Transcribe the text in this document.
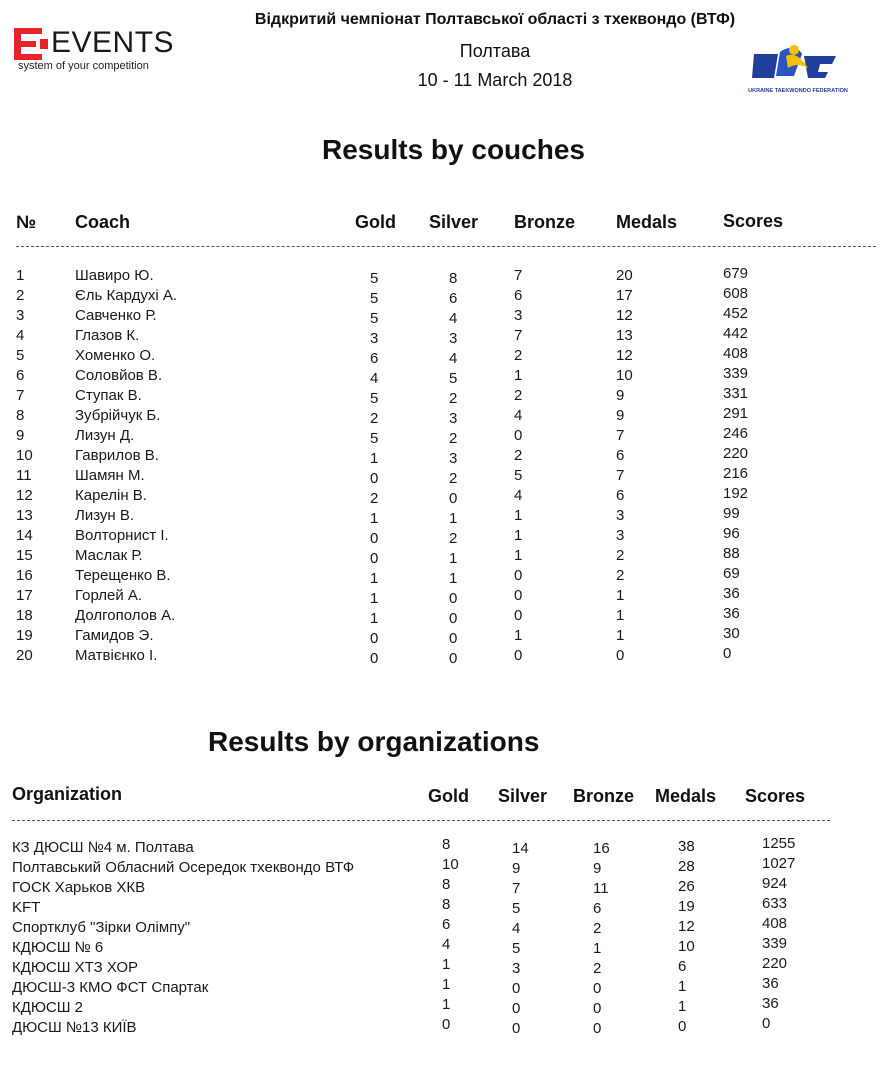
EVENTS
system of your competition
Відкритий чемпіонат Полтавської області з тхеквондо (ВТФ)
Полтава
10 - 11 March 2018
UKRAINE TAEKWONDO FEDERATION
Results by couches
№ Coach	Gold Silver Bronze Medals	Scores
1	Шавиро Ю.	5	8	7	20	679
2	Єль Кардухі А.	5	6	6	17	608
3	Савченко Р.	5	4	3	12	452
4	Глазов К.	3	3	7	13	442
5	Хоменко О.	6	4	2	12	408
6	Соловйов В.	4	5	1	10	339
7	Ступак В.	5	2	2	9	331
8	Зубрійчук Б.	2	3	4	9	291
9	Лизун Д.	5	2	0	7	246
10	Гаврилов В.	1	3	2	6	220
11	Шамян М.	0	2	5	7	216
12	Карелін В.	2	0	4	6	192
13	Лизун В.	1	1	1	3	99
14	Волторнист І.	0	2	1	3	96
15	Маслак Р.	0	1	1	2	88
16	Терещенко В.	1	1	0	2	69
17	Горлей А.	1	0	0	1	36
18	Долгополов А.	1	0	0	1	36
19	Гамидов Э.	0	0	1	1	30
20	Матвієнко І.	0	0	0	0	0
Results by organizations
Organization	Gold Silver Bronze Medals Scores
КЗ ДЮСШ №4 м. Полтава	8	14	16	38	1255
Полтавський Обласний Осередок тхеквондо ВТФ	10	9	9	28	1027
ГОСК Харьков ХКВ	8	7	11	26	924
KFT	8	5	6	19	633
Спортклуб "Зірки Олімпу"	6	4	2	12	408
КДЮСШ № 6	4	5	1	10	339
КДЮСШ ХТЗ ХОР	1	3	2	6	220
ДЮСШ-3 КМО ФСТ Спартак	1	0	0	1	36
КДЮСШ 2	1	0	0	1	36
ДЮСШ №13 КИЇВ	0	0	0	0	0
